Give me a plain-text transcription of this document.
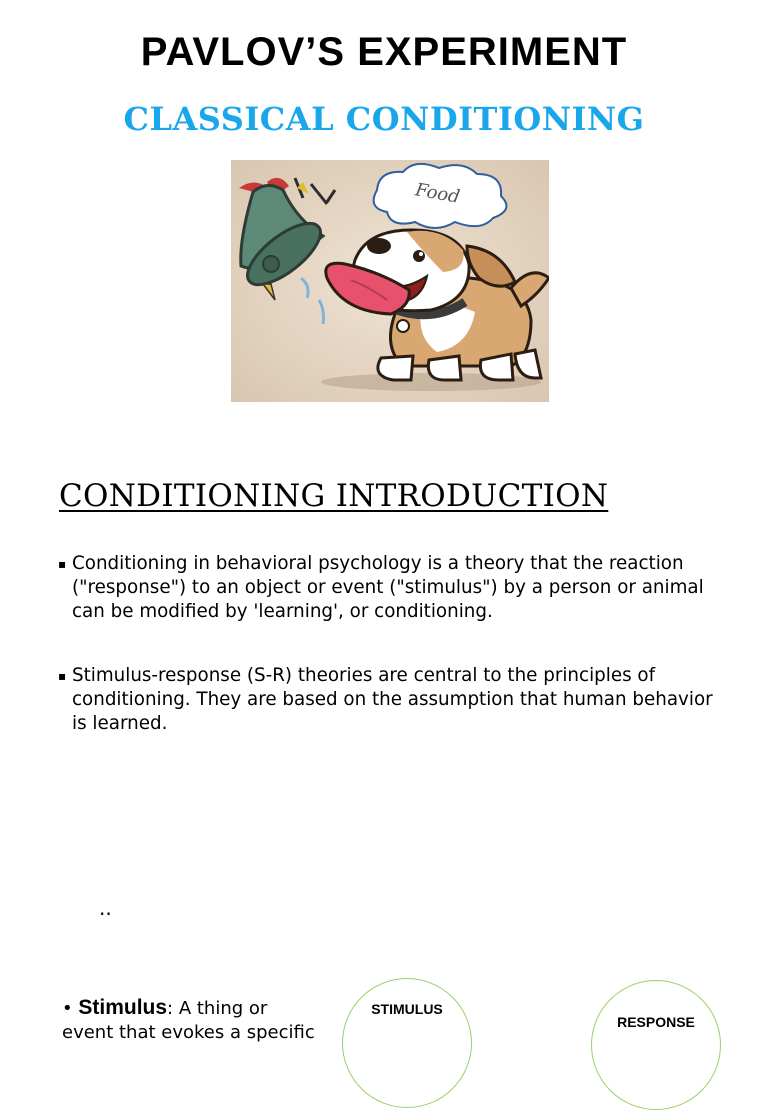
PAVLOV’S EXPERIMENT
CLASSICAL CONDITIONING
Food
CONDITIONING INTRODUCTION
▪ Conditioning in behavioral psychology is a theory that the reaction ("response") to an object or event ("stimulus") by a person or animal can be modified by 'learning', or conditioning.
▪ Stimulus-response (S-R) theories are central to the principles of conditioning. They are based on the assumption that human behavior is learned.
..
• Stimulus: A thing or event that evokes a specific
STIMULUS
RESPONSE
